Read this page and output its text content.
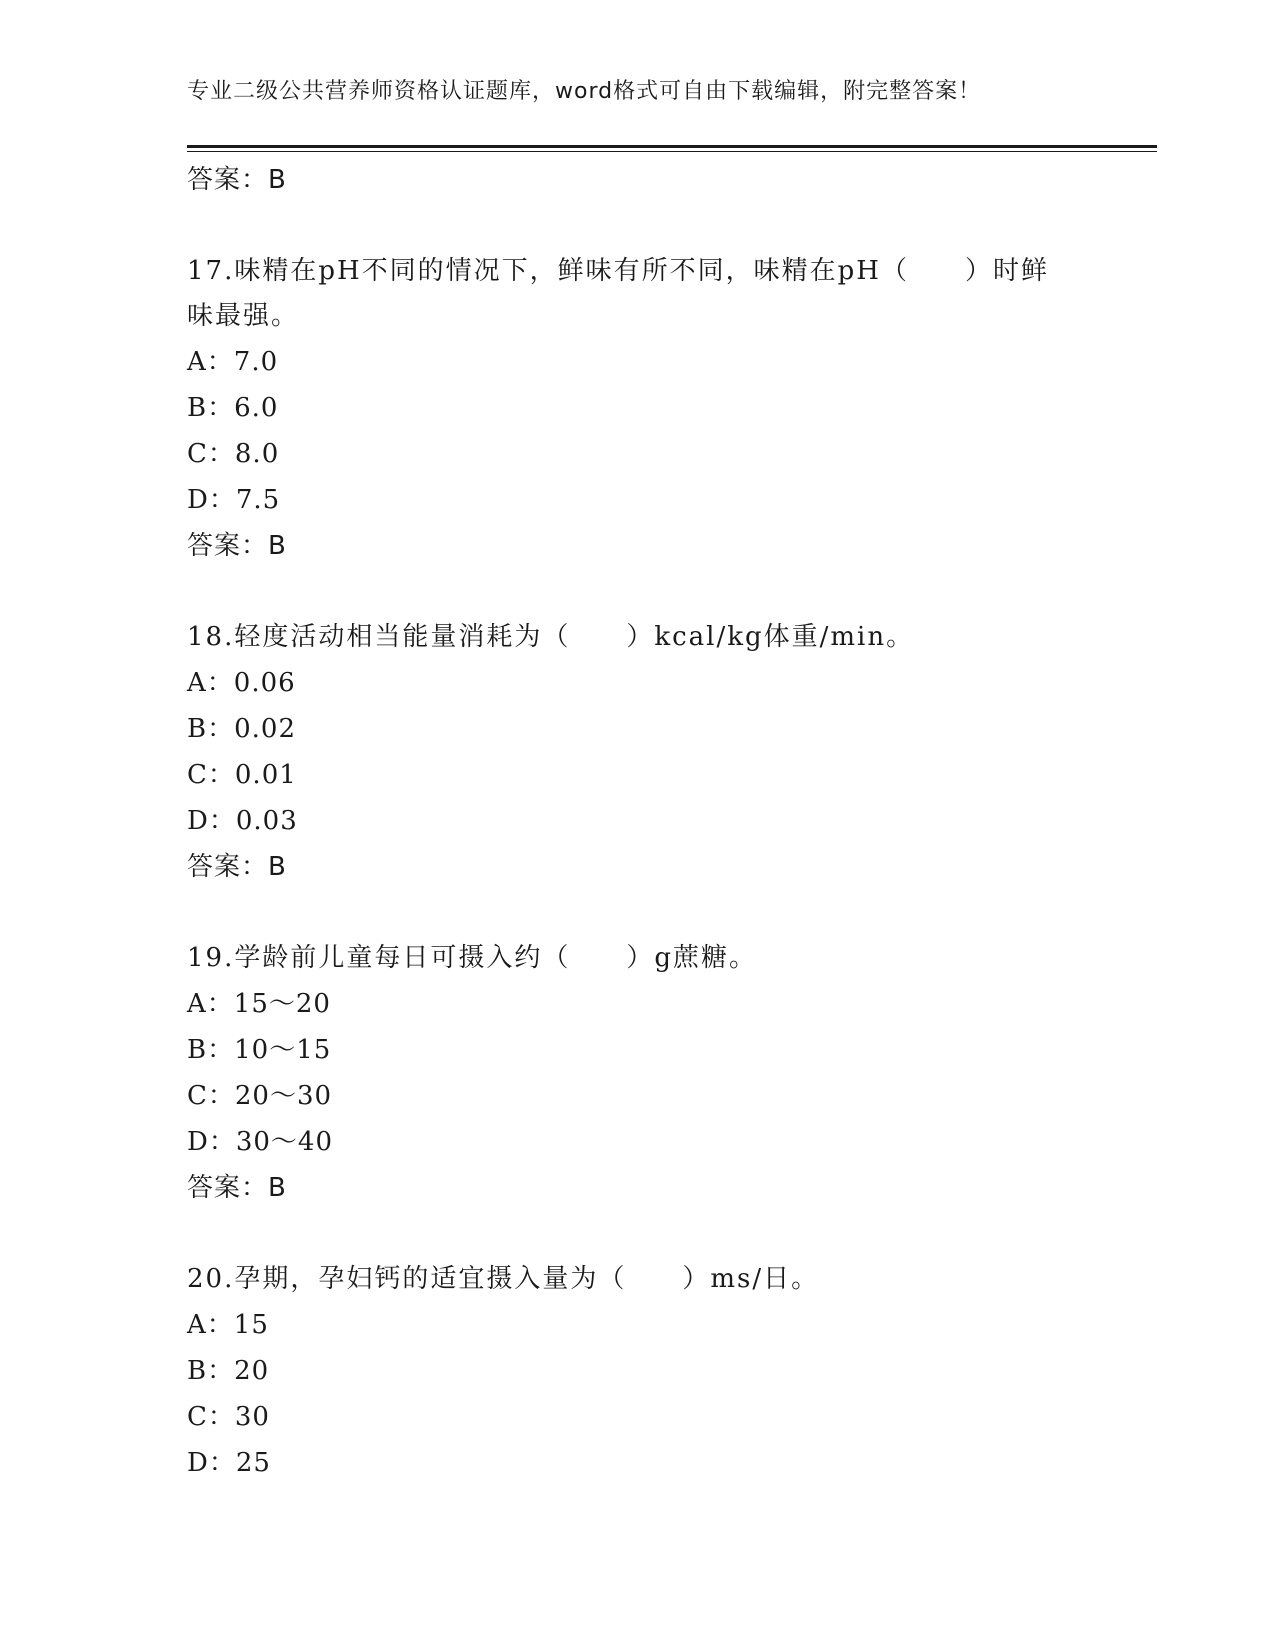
专业二级公共营养师资格认证题库，word格式可自由下载编辑，附完整答案！
答案：B
17.味精在pH不同的情况下，鲜味有所不同，味精在pH（　　）时鲜味最强。
A：7.0
B：6.0
C：8.0
D：7.5
答案：B
18.轻度活动相当能量消耗为（　　）kcal/kg体重/min。
A：0.06
B：0.02
C：0.01
D：0.03
答案：B
19.学龄前儿童每日可摄入约（　　）g蔗糖。
A：15～20
B：10～15
C：20～30
D：30～40
答案：B
20.孕期，孕妇钙的适宜摄入量为（　　）ms/日。
A：15
B：20
C：30
D：25
